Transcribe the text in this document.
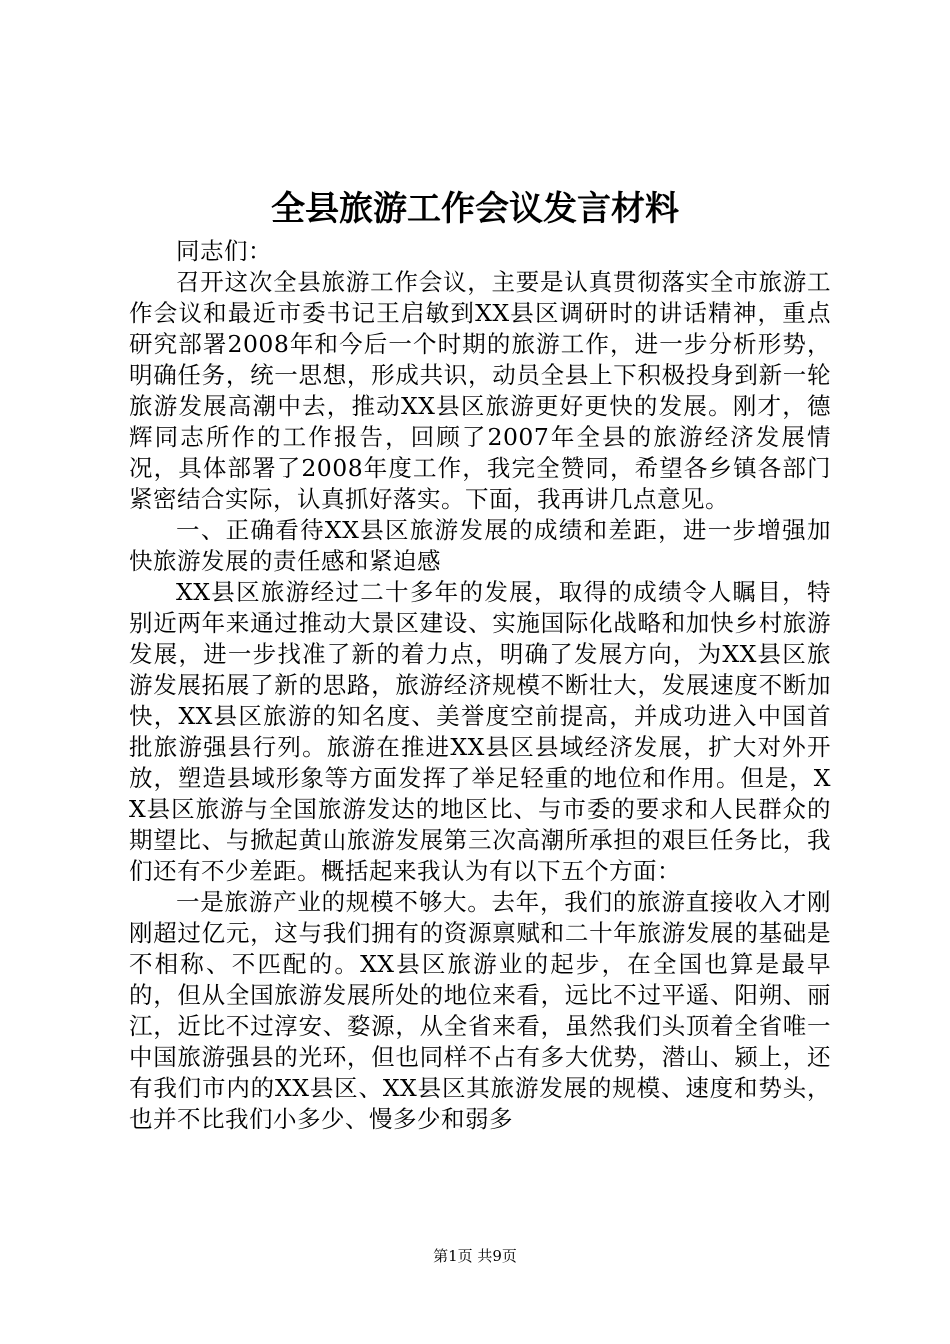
全县旅游工作会议发言材料

同志们：

召开这次全县旅游工作会议，主要是认真贯彻落实全市旅游工作会议和最近市委书记王启敏到XX县区调研时的讲话精神，重点研究部署2008年和今后一个时期的旅游工作，进一步分析形势，明确任务，统一思想，形成共识，动员全县上下积极投身到新一轮旅游发展高潮中去，推动XX县区旅游更好更快的发展。刚才，德辉同志所作的工作报告，回顾了2007年全县的旅游经济发展情况，具体部署了2008年度工作，我完全赞同，希望各乡镇各部门紧密结合实际，认真抓好落实。下面，我再讲几点意见。

一、正确看待XX县区旅游发展的成绩和差距，进一步增强加快旅游发展的责任感和紧迫感

XX县区旅游经过二十多年的发展，取得的成绩令人瞩目，特别近两年来通过推动大景区建设、实施国际化战略和加快乡村旅游发展，进一步找准了新的着力点，明确了发展方向，为XX县区旅游发展拓展了新的思路，旅游经济规模不断壮大，发展速度不断加快，XX县区旅游的知名度、美誉度空前提高，并成功进入中国首批旅游强县行列。旅游在推进XX县区县域经济发展，扩大对外开放，塑造县域形象等方面发挥了举足轻重的地位和作用。但是，XX县区旅游与全国旅游发达的地区比、与市委的要求和人民群众的期望比、与掀起黄山旅游发展第三次高潮所承担的艰巨任务比，我们还有不少差距。概括起来我认为有以下五个方面：

一是旅游产业的规模不够大。去年，我们的旅游直接收入才刚刚超过亿元，这与我们拥有的资源禀赋和二十年旅游发展的基础是不相称、不匹配的。XX县区旅游业的起步，在全国也算是最早的，但从全国旅游发展所处的地位来看，远比不过平遥、阳朔、丽江，近比不过淳安、婺源，从全省来看，虽然我们头顶着全省唯一中国旅游强县的光环，但也同样不占有多大优势，潜山、颍上，还有我们市内的XX县区、XX县区其旅游发展的规模、速度和势头，也并不比我们小多少、慢多少和弱多

第1页 共9页
